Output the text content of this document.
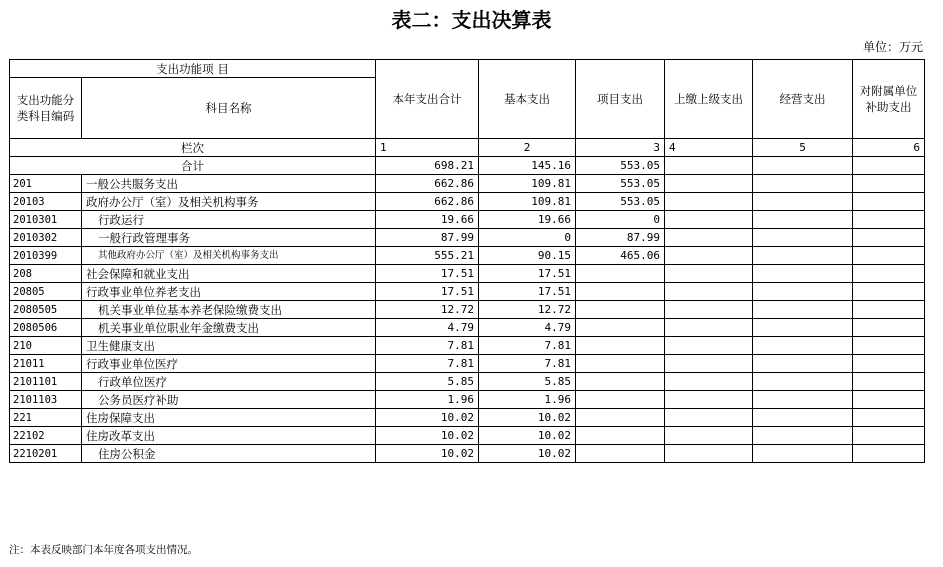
表二：支出决算表
单位：万元
支出功能项 目		本年支出合计	基本支出	项目支出	上缴上级支出	经营支出	对附属单位补助支出
支出功能分类科目编码	科目名称						
栏次		1	2	3	4	5	6
合计		698.21	145.16	553.05			
201	一般公共服务支出	662.86	109.81	553.05			
20103	政府办公厅（室）及相关机构事务	662.86	109.81	553.05			
2010301	行政运行	19.66	19.66	0			
2010302	一般行政管理事务	87.99	0	87.99			
2010399	其他政府办公厅（室）及相关机构事务支出	555.21	90.15	465.06			
208	社会保障和就业支出	17.51	17.51				
20805	行政事业单位养老支出	17.51	17.51				
2080505	机关事业单位基本养老保险缴费支出	12.72	12.72				
2080506	机关事业单位职业年金缴费支出	4.79	4.79				
210	卫生健康支出	7.81	7.81				
21011	行政事业单位医疗	7.81	7.81				
2101101	行政单位医疗	5.85	5.85				
2101103	公务员医疗补助	1.96	1.96				
221	住房保障支出	10.02	10.02				
22102	住房改革支出	10.02	10.02				
2210201	住房公积金	10.02	10.02				
注：本表反映部门本年度各项支出情况。
